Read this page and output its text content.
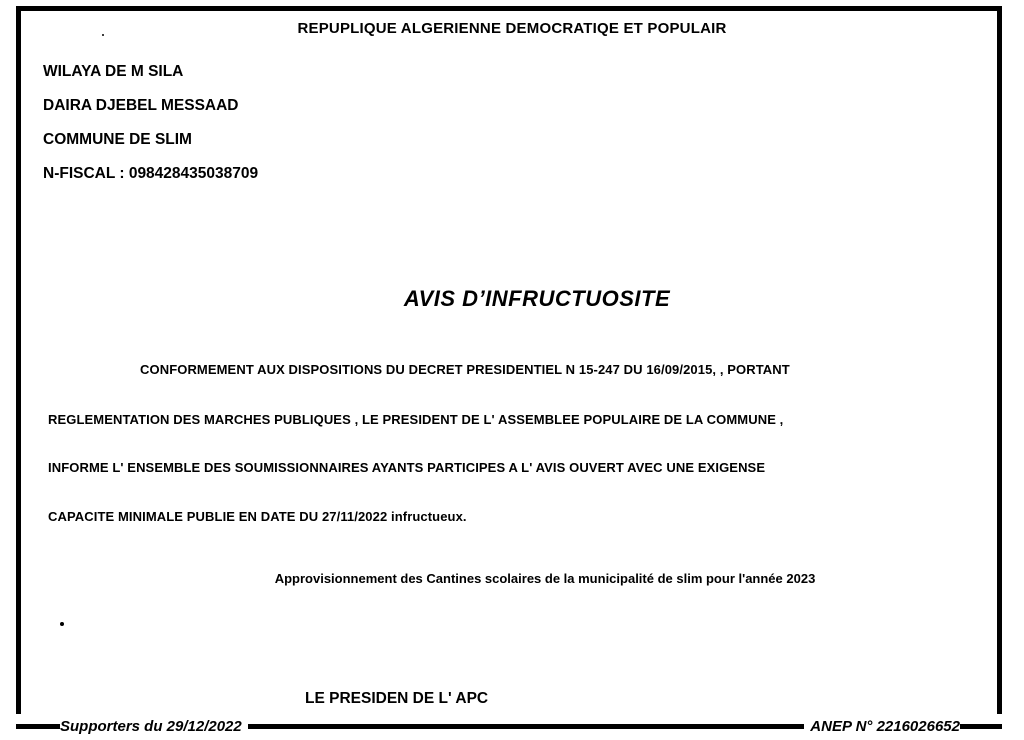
REPUPLIQUE ALGERIENNE DEMOCRATIQE ET POPULAIR
WILAYA DE M SILA
DAIRA DJEBEL MESSAAD
COMMUNE DE SLIM
N-FISCAL : 098428435038709
AVIS D’INFRUCTUOSITE
CONFORMEMENT AUX DISPOSITIONS DU DECRET PRESIDENTIEL N 15-247 DU 16/09/2015, , PORTANT
REGLEMENTATION DES MARCHES PUBLIQUES , LE PRESIDENT DE L' ASSEMBLEE POPULAIRE DE LA COMMUNE ,
INFORME L' ENSEMBLE DES SOUMISSIONNAIRES AYANTS PARTICIPES A L' AVIS OUVERT AVEC UNE EXIGENSE
CAPACITE MINIMALE PUBLIE EN DATE DU 27/11/2022 infructueux.
Approvisionnement des Cantines scolaires de la municipalité de slim pour l'année 2023
LE PRESIDEN DE L' APC
Supporters du 29/12/2022	ANEP N° 2216026652
